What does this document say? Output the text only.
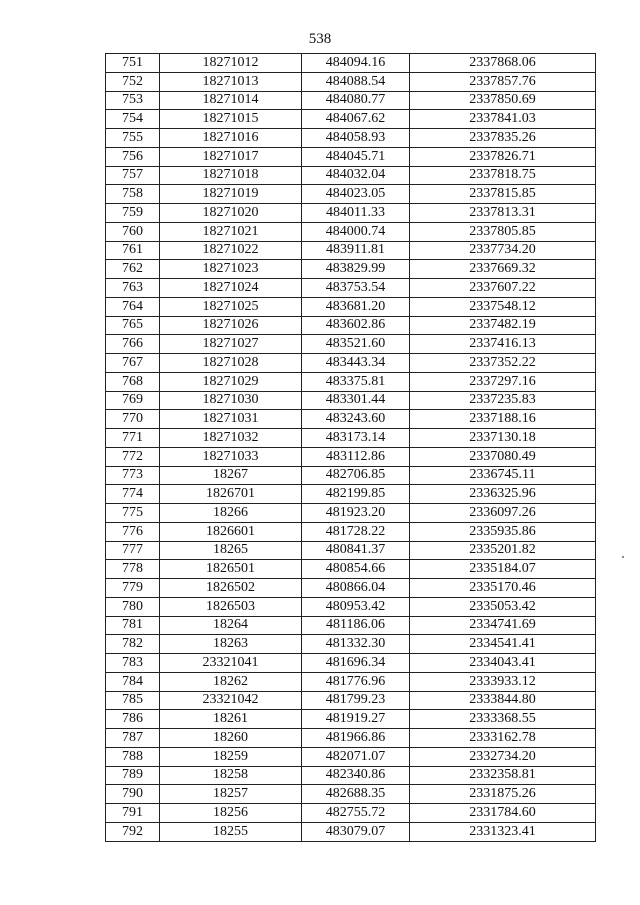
538
751	18271012	484094.16	2337868.06
752	18271013	484088.54	2337857.76
753	18271014	484080.77	2337850.69
754	18271015	484067.62	2337841.03
755	18271016	484058.93	2337835.26
756	18271017	484045.71	2337826.71
757	18271018	484032.04	2337818.75
758	18271019	484023.05	2337815.85
759	18271020	484011.33	2337813.31
760	18271021	484000.74	2337805.85
761	18271022	483911.81	2337734.20
762	18271023	483829.99	2337669.32
763	18271024	483753.54	2337607.22
764	18271025	483681.20	2337548.12
765	18271026	483602.86	2337482.19
766	18271027	483521.60	2337416.13
767	18271028	483443.34	2337352.22
768	18271029	483375.81	2337297.16
769	18271030	483301.44	2337235.83
770	18271031	483243.60	2337188.16
771	18271032	483173.14	2337130.18
772	18271033	483112.86	2337080.49
773	18267	482706.85	2336745.11
774	1826701	482199.85	2336325.96
775	18266	481923.20	2336097.26
776	1826601	481728.22	2335935.86
777	18265	480841.37	2335201.82
778	1826501	480854.66	2335184.07
779	1826502	480866.04	2335170.46
780	1826503	480953.42	2335053.42
781	18264	481186.06	2334741.69
782	18263	481332.30	2334541.41
783	23321041	481696.34	2334043.41
784	18262	481776.96	2333933.12
785	23321042	481799.23	2333844.80
786	18261	481919.27	2333368.55
787	18260	481966.86	2333162.78
788	18259	482071.07	2332734.20
789	18258	482340.86	2332358.81
790	18257	482688.35	2331875.26
791	18256	482755.72	2331784.60
792	18255	483079.07	2331323.41
